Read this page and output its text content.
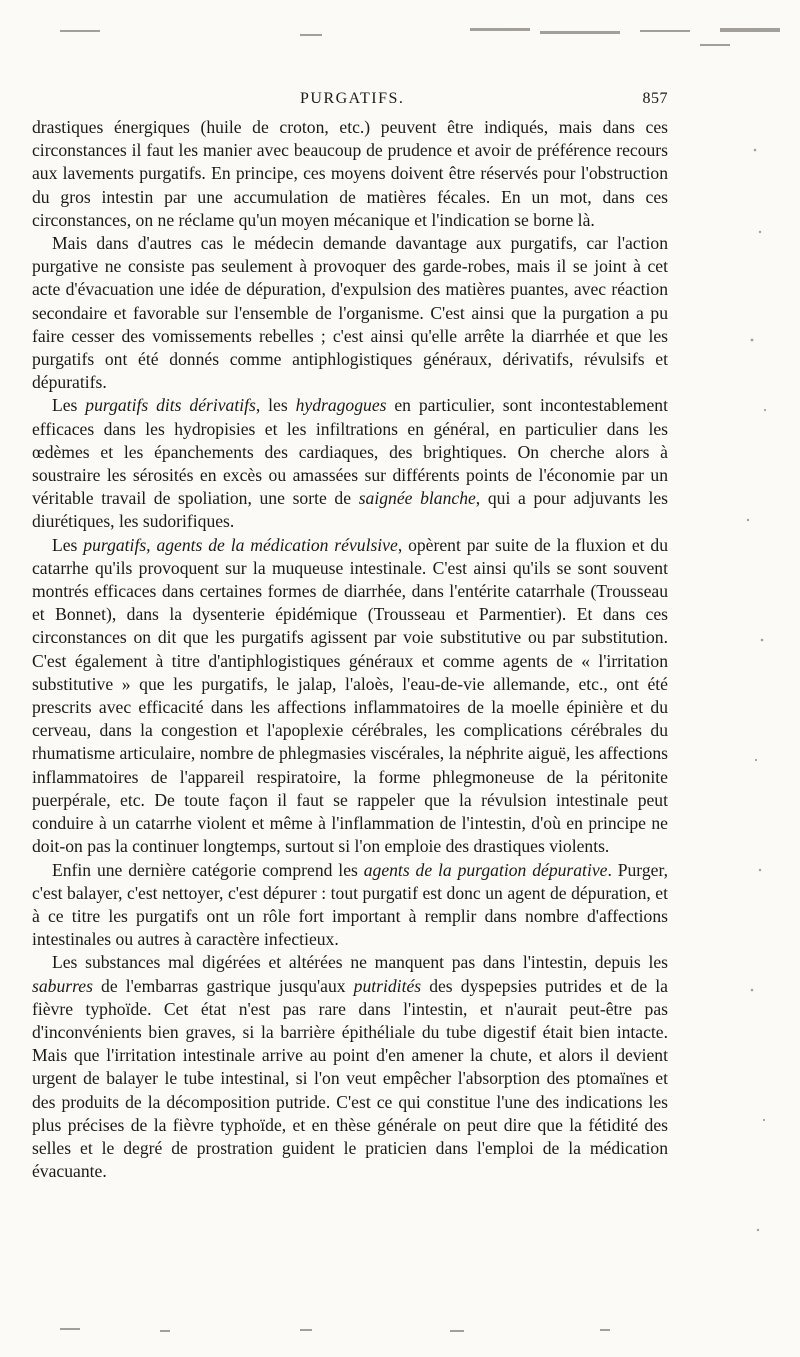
PURGATIFS.	857

drastiques énergiques (huile de croton, etc.) peuvent être indiqués, mais dans ces circonstances il faut les manier avec beaucoup de prudence et avoir de préférence recours aux lavements purgatifs. En principe, ces moyens doivent être réservés pour l'obstruction du gros intestin par une accumulation de matières fécales. En un mot, dans ces circonstances, on ne réclame qu'un moyen mécanique et l'indication se borne là.

Mais dans d'autres cas le médecin demande davantage aux purgatifs, car l'action purgative ne consiste pas seulement à provoquer des garde-robes, mais il se joint à cet acte d'évacuation une idée de dépuration, d'expulsion des matières puantes, avec réaction secondaire et favorable sur l'ensemble de l'organisme. C'est ainsi que la purgation a pu faire cesser des vomissements rebelles ; c'est ainsi qu'elle arrête la diarrhée et que les purgatifs ont été donnés comme antiphlogistiques généraux, dérivatifs, révulsifs et dépuratifs.

Les purgatifs dits dérivatifs, les hydragogues en particulier, sont incontestablement efficaces dans les hydropisies et les infiltrations en général, en particulier dans les œdèmes et les épanchements des cardiaques, des brightiques. On cherche alors à soustraire les sérosités en excès ou amassées sur différents points de l'économie par un véritable travail de spoliation, une sorte de saignée blanche, qui a pour adjuvants les diurétiques, les sudorifiques.

Les purgatifs, agents de la médication révulsive, opèrent par suite de la fluxion et du catarrhe qu'ils provoquent sur la muqueuse intestinale. C'est ainsi qu'ils se sont souvent montrés efficaces dans certaines formes de diarrhée, dans l'entérite catarrhale (Trousseau et Bonnet), dans la dysenterie épidémique (Trousseau et Parmentier). Et dans ces circonstances on dit que les purgatifs agissent par voie substitutive ou par substitution. C'est également à titre d'antiphlogistiques généraux et comme agents de « l'irritation substitutive » que les purgatifs, le jalap, l'aloès, l'eau-de-vie allemande, etc., ont été prescrits avec efficacité dans les affections inflammatoires de la moelle épinière et du cerveau, dans la congestion et l'apoplexie cérébrales, les complications cérébrales du rhumatisme articulaire, nombre de phlegmasies viscérales, la néphrite aiguë, les affections inflammatoires de l'appareil respiratoire, la forme phlegmoneuse de la péritonite puerpérale, etc. De toute façon il faut se rappeler que la révulsion intestinale peut conduire à un catarrhe violent et même à l'inflammation de l'intestin, d'où en principe ne doit-on pas la continuer longtemps, surtout si l'on emploie des drastiques violents.

Enfin une dernière catégorie comprend les agents de la purgation dépurative. Purger, c'est balayer, c'est nettoyer, c'est dépurer : tout purgatif est donc un agent de dépuration, et à ce titre les purgatifs ont un rôle fort important à remplir dans nombre d'affections intestinales ou autres à caractère infectieux.

Les substances mal digérées et altérées ne manquent pas dans l'intestin, depuis les saburres de l'embarras gastrique jusqu'aux putridités des dyspepsies putrides et de la fièvre typhoïde. Cet état n'est pas rare dans l'intestin, et n'aurait peut-être pas d'inconvénients bien graves, si la barrière épithéliale du tube digestif était bien intacte. Mais que l'irritation intestinale arrive au point d'en amener la chute, et alors il devient urgent de balayer le tube intestinal, si l'on veut empêcher l'absorption des ptomaïnes et des produits de la décomposition putride. C'est ce qui constitue l'une des indications les plus précises de la fièvre typhoïde, et en thèse générale on peut dire que la fétidité des selles et le degré de prostration guident le praticien dans l'emploi de la médication évacuante.
